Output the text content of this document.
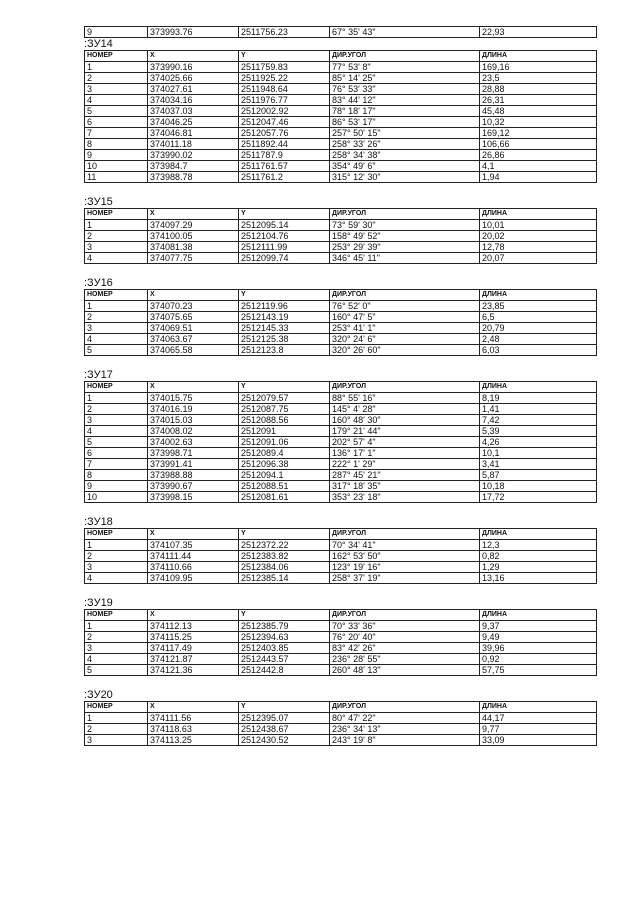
9	373993.76	2511756.23	67° 35' 43"	22,93
:ЗУ14
НОМЕР	X	Y	ДИР.УГОЛ	ДЛИНА
1	373990.16	2511759.83	77° 53' 8"	169,16
2	374025.66	2511925.22	85° 14' 25"	23,5
3	374027.61	2511948.64	76° 53' 33"	28,88
4	374034.16	2511976.77	83° 44' 12"	26,31
5	374037.03	2512002.92	78° 18' 17"	45,48
6	374046.25	2512047.46	86° 53' 17"	10,32
7	374046.81	2512057.76	257° 50' 15"	169,12
8	374011.18	2511892.44	258° 33' 26"	106,66
9	373990.02	2511787.9	258° 34' 38"	26,86
10	373984.7	2511761.57	354° 49' 6"	4,1
11	373988.78	2511761.2	315° 12' 30"	1,94
:ЗУ15
НОМЕР	X	Y	ДИР.УГОЛ	ДЛИНА
1	374097.29	2512095.14	73° 59' 30"	10,01
2	374100.05	2512104.76	158° 49' 52"	20,02
3	374081.38	2512111.99	253° 29' 39"	12,78
4	374077.75	2512099.74	346° 45' 11"	20,07
:ЗУ16
НОМЕР	X	Y	ДИР.УГОЛ	ДЛИНА
1	374070.23	2512119.96	76° 52' 0"	23,85
2	374075.65	2512143.19	160° 47' 5"	6,5
3	374069.51	2512145.33	253° 41' 1"	20,79
4	374063.67	2512125.38	320° 24' 6"	2,48
5	374065.58	2512123.8	320° 26' 60"	6,03
:ЗУ17
НОМЕР	X	Y	ДИР.УГОЛ	ДЛИНА
1	374015.75	2512079.57	88° 55' 16"	8,19
2	374016.19	2512087.75	145° 4' 28"	1,41
3	374015.03	2512088.56	160° 48' 30"	7,42
4	374008.02	2512091	179° 21' 44"	5,39
5	374002.63	2512091.06	202° 57' 4"	4,26
6	373998.71	2512089.4	136° 17' 1"	10,1
7	373991.41	2512096.38	222° 1' 29"	3,41
8	373988.88	2512094.1	287° 45' 21"	5,87
9	373990.67	2512088.51	317° 18' 35"	10,18
10	373998.15	2512081.61	353° 23' 18"	17,72
:ЗУ18
НОМЕР	X	Y	ДИР.УГОЛ	ДЛИНА
1	374107.35	2512372.22	70° 34' 41"	12,3
2	374111.44	2512383.82	162° 53' 50"	0,82
3	374110.66	2512384.06	123° 19' 16"	1,29
4	374109.95	2512385.14	258° 37' 19"	13,16
:ЗУ19
НОМЕР	X	Y	ДИР.УГОЛ	ДЛИНА
1	374112.13	2512385.79	70° 33' 36"	9,37
2	374115.25	2512394.63	76° 20' 40"	9,49
3	374117.49	2512403.85	83° 42' 26"	39,96
4	374121.87	2512443.57	236° 28' 55"	0,92
5	374121.36	2512442.8	260° 48' 13"	57,75
:ЗУ20
НОМЕР	X	Y	ДИР.УГОЛ	ДЛИНА
1	374111.56	2512395.07	80° 47' 22"	44,17
2	374118.63	2512438.67	236° 34' 13"	9,77
3	374113.25	2512430.52	243° 19' 8"	33,09
